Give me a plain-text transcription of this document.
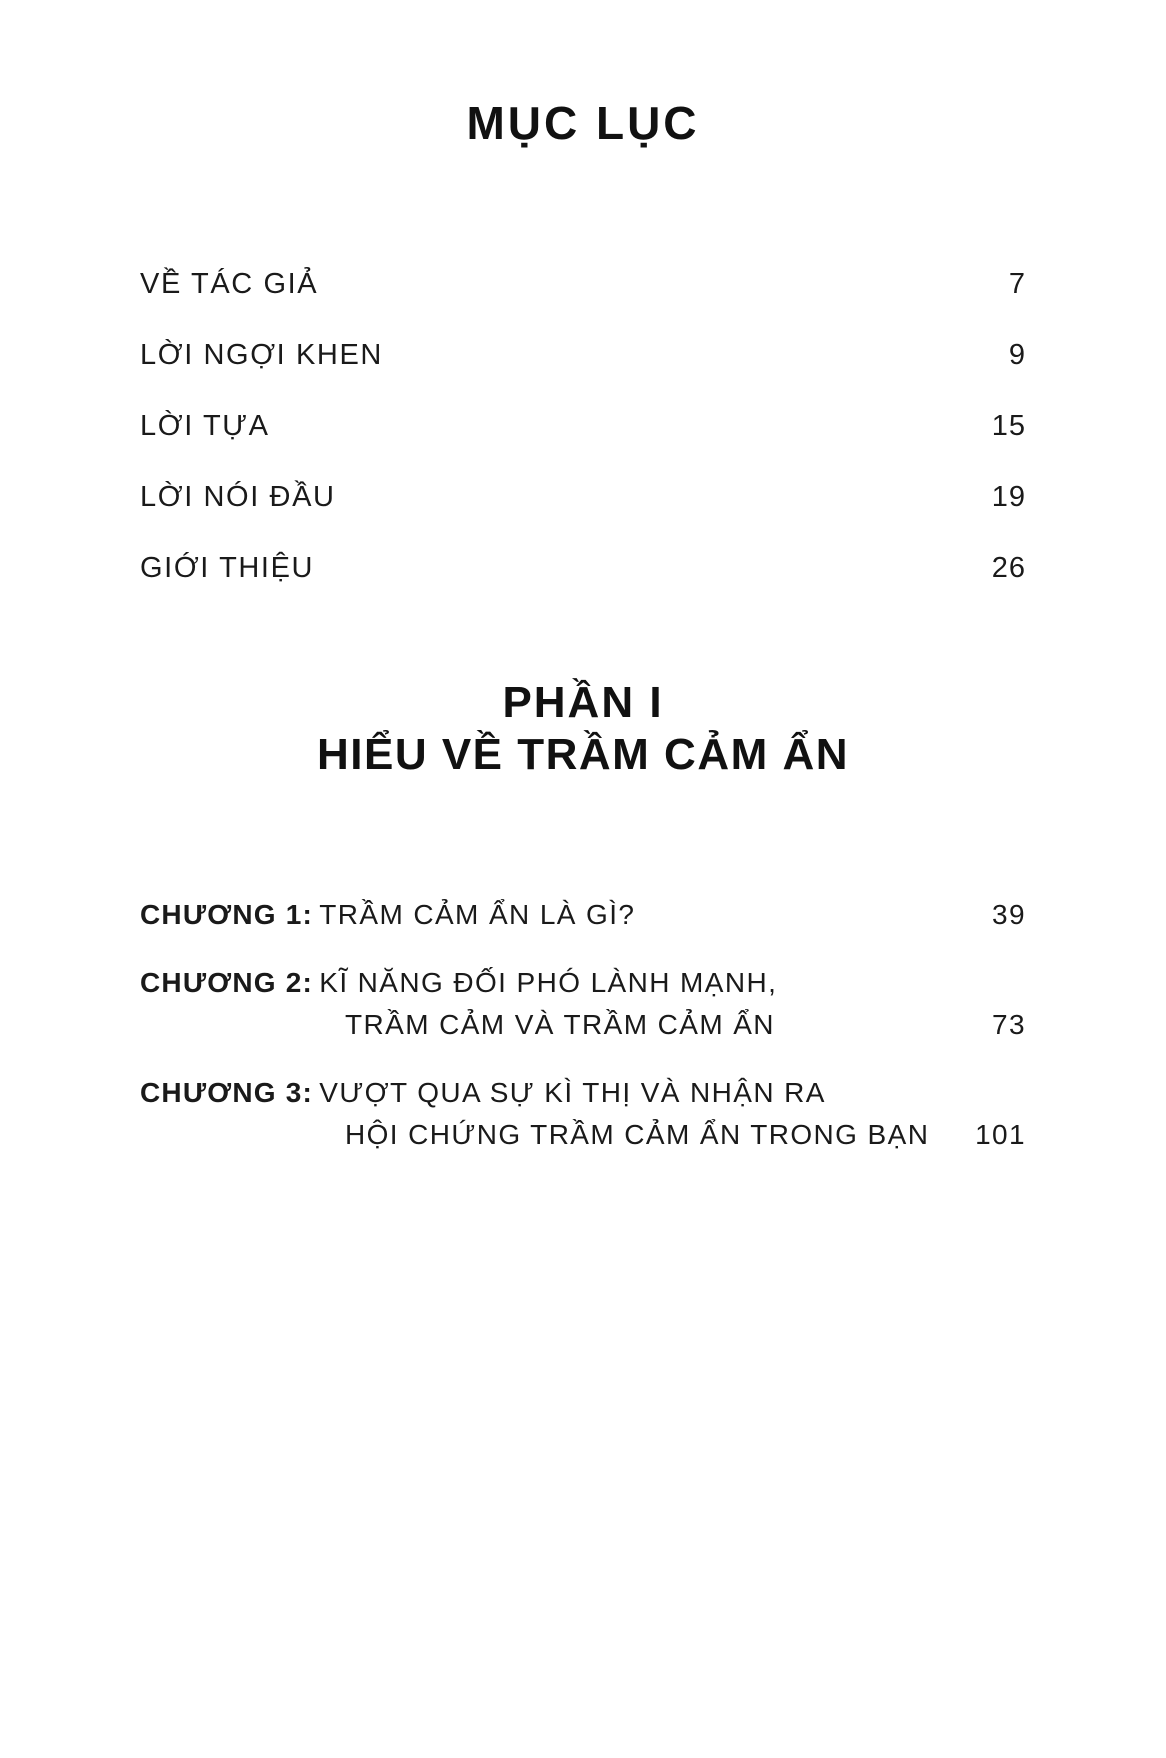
MỤC LỤC
VỀ TÁC GIẢ	7
LỜI NGỢI KHEN	9
LỜI TỰA	15
LỜI NÓI ĐẦU	19
GIỚI THIỆU	26
PHẦN I
HIỂU VỀ TRẦM CẢM ẨN
CHƯƠNG 1 : TRẦM CẢM ẨN LÀ GÌ?	39
CHƯƠNG 2 : KĨ NĂNG ĐỐI PHÓ LÀNH MẠNH,
TRẦM CẢM VÀ TRẦM CẢM ẨN	73
CHƯƠNG 3 : VƯỢT QUA SỰ KÌ THỊ VÀ NHẬN RA
HỘI CHỨNG TRẦM CẢM ẨN TRONG BẠN	101
